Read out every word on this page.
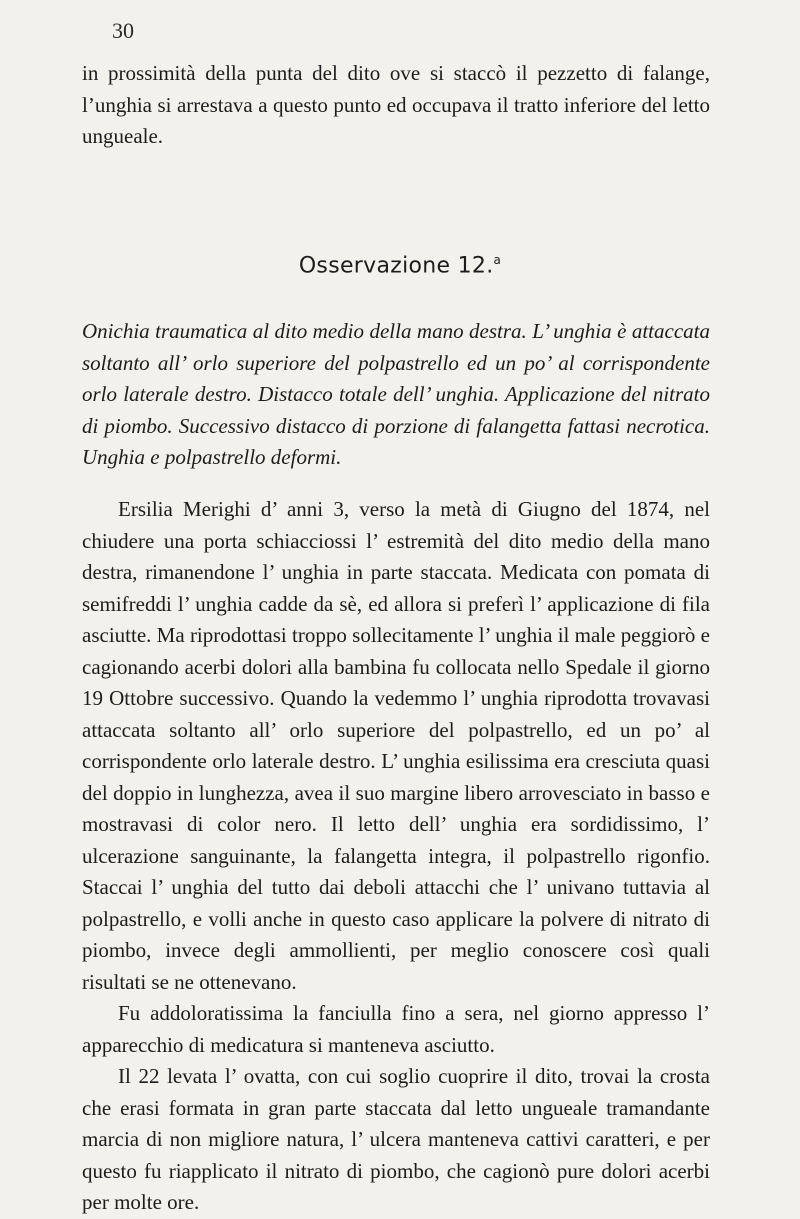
30

in prossimità della punta del dito ove si staccò il pezzetto di falange, l’unghia si arrestava a questo punto ed occupava il tratto inferiore del letto ungueale.

Osservazione 12.$^a$
Onichia traumatica al dito medio della mano destra. L’ unghia è attaccata soltanto all’ orlo superiore del polpastrello ed un po’ al corrispondente orlo laterale destro. Distacco totale dell’ unghia. Applicazione del nitrato di piombo. Successivo distacco di porzione di falangetta fattasi necrotica. Unghia e polpastrello deformi.

Ersilia Merighi d’ anni 3, verso la metà di Giugno del 1874, nel chiudere una porta schiacciossi l’ estremità del dito medio della mano destra, rimanendone l’ unghia in parte staccata. Medicata con pomata di semifreddi l’ unghia cadde da sè, ed allora si preferì l’ applicazione di fila asciutte. Ma riprodottasi troppo sollecitamente l’ unghia il male peggiorò e cagionando acerbi dolori alla bambina fu collocata nello Spedale il giorno 19 Ottobre successivo. Quando la vedemmo l’ unghia riprodotta trovavasi attaccata soltanto all’ orlo superiore del polpastrello, ed un po’ al corrispondente orlo laterale destro. L’ unghia esilissima era cresciuta quasi del doppio in lunghezza, avea il suo margine libero arrovesciato in basso e mostravasi di color nero. Il letto dell’ unghia era sordidissimo, l’ ulcerazione sanguinante, la falangetta integra, il polpastrello rigonfio. Staccai l’ unghia del tutto dai deboli attacchi che l’ univano tuttavia al polpastrello, e volli anche in questo caso applicare la polvere di nitrato di piombo, invece degli ammollienti, per meglio conoscere così quali risultati se ne ottenevano.

Fu addoloratissima la fanciulla fino a sera, nel giorno appresso l’ apparecchio di medicatura si manteneva asciutto.

Il 22 levata l’ ovatta, con cui soglio cuoprire il dito, trovai la crosta che erasi formata in gran parte staccata dal letto ungueale tramandante marcia di non migliore natura, l’ ulcera manteneva cattivi caratteri, e per questo fu riapplicato il nitrato di piombo, che cagionò pure dolori acerbi per molte ore.
